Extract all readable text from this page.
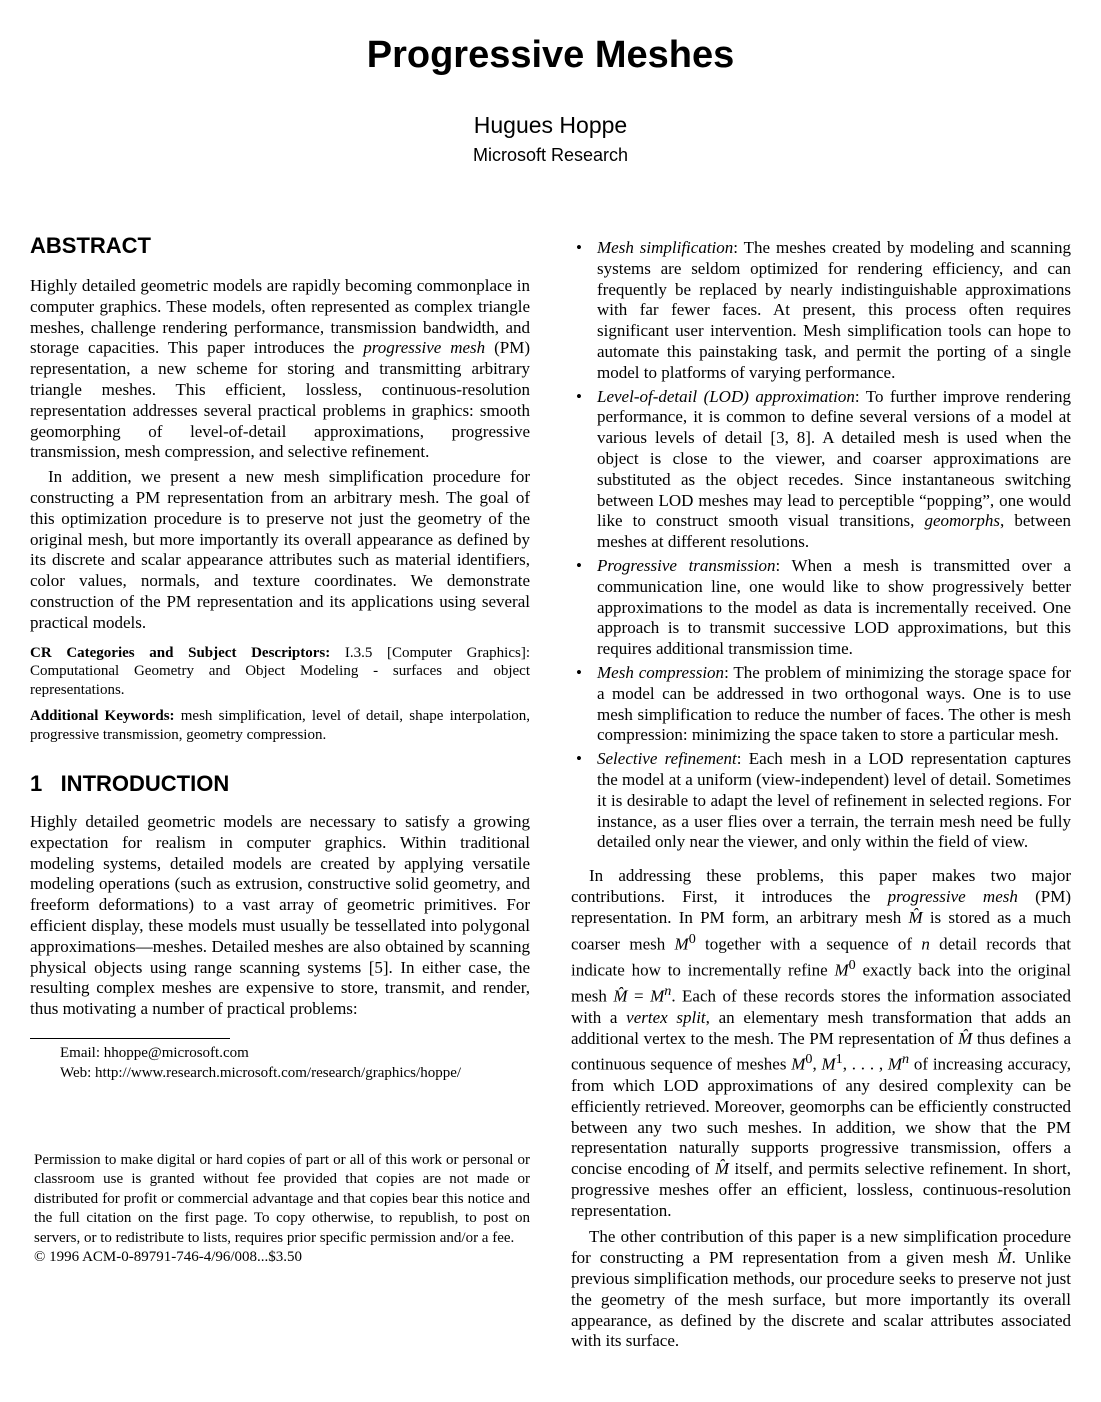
Progressive Meshes
Hugues Hoppe
Microsoft Research
ABSTRACT

Highly detailed geometric models are rapidly becoming commonplace in computer graphics. These models, often represented as complex triangle meshes, challenge rendering performance, transmission bandwidth, and storage capacities. This paper introduces the progressive mesh (PM) representation, a new scheme for storing and transmitting arbitrary triangle meshes. This efficient, lossless, continuous-resolution representation addresses several practical problems in graphics: smooth geomorphing of level-of-detail approximations, progressive transmission, mesh compression, and selective refinement.

In addition, we present a new mesh simplification procedure for constructing a PM representation from an arbitrary mesh. The goal of this optimization procedure is to preserve not just the geometry of the original mesh, but more importantly its overall appearance as defined by its discrete and scalar appearance attributes such as material identifiers, color values, normals, and texture coordinates. We demonstrate construction of the PM representation and its applications using several practical models.

CR Categories and Subject Descriptors: I.3.5 [Computer Graphics]: Computational Geometry and Object Modeling - surfaces and object representations.

Additional Keywords: mesh simplification, level of detail, shape interpolation, progressive transmission, geometry compression.

1   INTRODUCTION

Highly detailed geometric models are necessary to satisfy a growing expectation for realism in computer graphics. Within traditional modeling systems, detailed models are created by applying versatile modeling operations (such as extrusion, constructive solid geometry, and freeform deformations) to a vast array of geometric primitives. For efficient display, these models must usually be tessellated into polygonal approximations—meshes. Detailed meshes are also obtained by scanning physical objects using range scanning systems [5]. In either case, the resulting complex meshes are expensive to store, transmit, and render, thus motivating a number of practical problems:

Email: hhoppe@microsoft.com
Web: http://www.research.microsoft.com/research/graphics/hoppe/

Permission to make digital or hard copies of part or all of this work or personal or classroom use is granted without fee provided that copies are not made or distributed for profit or commercial advantage and that copies bear this notice and the full citation on the first page. To copy otherwise, to republish, to post on servers, or to redistribute to lists, requires prior specific permission and/or a fee.

© 1996 ACM-0-89791-746-4/96/008...$3.50

• Mesh simplification: The meshes created by modeling and scanning systems are seldom optimized for rendering efficiency, and can frequently be replaced by nearly indistinguishable approximations with far fewer faces. At present, this process often requires significant user intervention. Mesh simplification tools can hope to automate this painstaking task, and permit the porting of a single model to platforms of varying performance.
• Level-of-detail (LOD) approximation: To further improve rendering performance, it is common to define several versions of a model at various levels of detail [3, 8]. A detailed mesh is used when the object is close to the viewer, and coarser approximations are substituted as the object recedes. Since instantaneous switching between LOD meshes may lead to perceptible “popping”, one would like to construct smooth visual transitions, geomorphs, between meshes at different resolutions.
• Progressive transmission: When a mesh is transmitted over a communication line, one would like to show progressively better approximations to the model as data is incrementally received. One approach is to transmit successive LOD approximations, but this requires additional transmission time.
• Mesh compression: The problem of minimizing the storage space for a model can be addressed in two orthogonal ways. One is to use mesh simplification to reduce the number of faces. The other is mesh compression: minimizing the space taken to store a particular mesh.
• Selective refinement: Each mesh in a LOD representation captures the model at a uniform (view-independent) level of detail. Sometimes it is desirable to adapt the level of refinement in selected regions. For instance, as a user flies over a terrain, the terrain mesh need be fully detailed only near the viewer, and only within the field of view.

In addressing these problems, this paper makes two major contributions. First, it introduces the progressive mesh (PM) representation. In PM form, an arbitrary mesh M̂ is stored as a much coarser mesh $M^0$ together with a sequence of n detail records that indicate how to incrementally refine $M^0$ exactly back into the original mesh M̂ = $M^n$. Each of these records stores the information associated with a vertex split, an elementary mesh transformation that adds an additional vertex to the mesh. The PM representation of M̂ thus defines a continuous sequence of meshes $M^0$, $M^1$, . . . , $M^n$ of increasing accuracy, from which LOD approximations of any desired complexity can be efficiently retrieved. Moreover, geomorphs can be efficiently constructed between any two such meshes. In addition, we show that the PM representation naturally supports progressive transmission, offers a concise encoding of M̂ itself, and permits selective refinement. In short, progressive meshes offer an efficient, lossless, continuous-resolution representation.

The other contribution of this paper is a new simplification procedure for constructing a PM representation from a given mesh M̂. Unlike previous simplification methods, our procedure seeks to preserve not just the geometry of the mesh surface, but more importantly its overall appearance, as defined by the discrete and scalar attributes associated with its surface.
